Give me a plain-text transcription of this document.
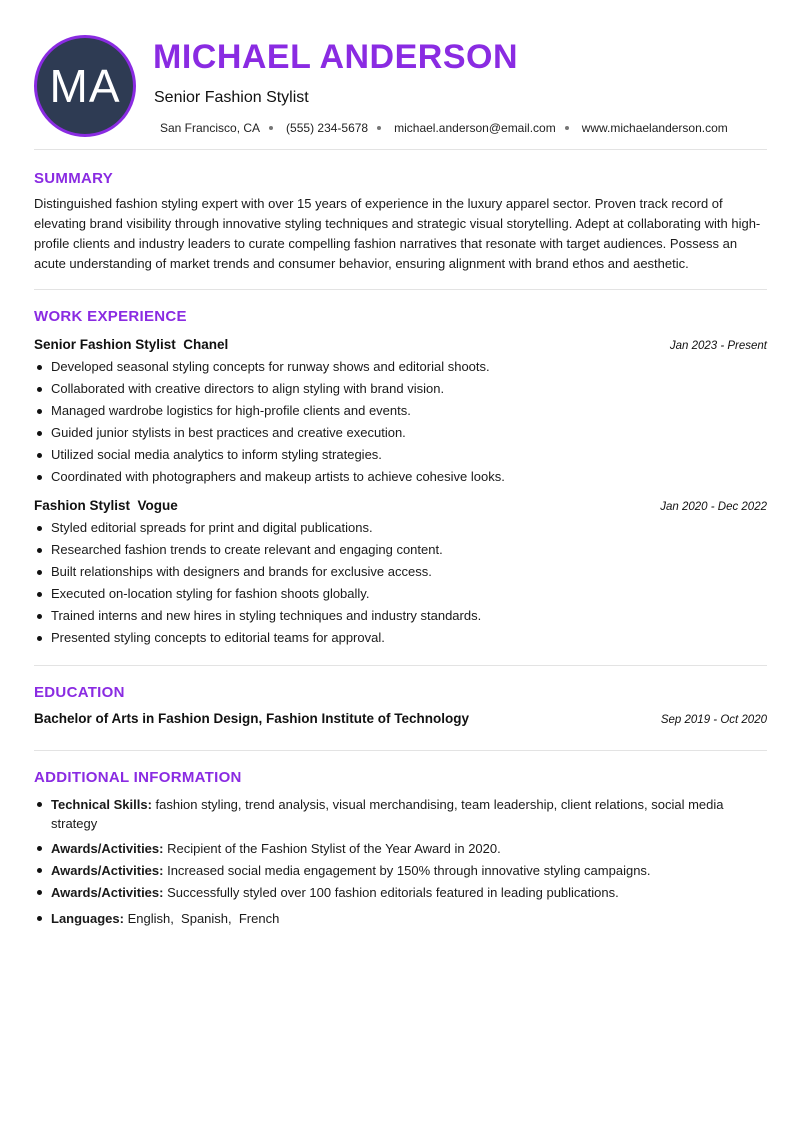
MA
MICHAEL ANDERSON
Senior Fashion Stylist
San Francisco, CA (555) 234-5678 michael.anderson@email.com www.michaelanderson.com
SUMMARY
Distinguished fashion styling expert with over 15 years of experience in the luxury apparel sector. Proven track record of elevating brand visibility through innovative styling techniques and strategic visual storytelling. Adept at collaborating with high-profile clients and industry leaders to curate compelling fashion narratives that resonate with target audiences. Possess an acute understanding of market trends and consumer behavior, ensuring alignment with brand ethos and aesthetic.
WORK EXPERIENCE
Senior Fashion Stylist  Chanel	Jan 2023 - Present
Developed seasonal styling concepts for runway shows and editorial shoots.
Collaborated with creative directors to align styling with brand vision.
Managed wardrobe logistics for high-profile clients and events.
Guided junior stylists in best practices and creative execution.
Utilized social media analytics to inform styling strategies.
Coordinated with photographers and makeup artists to achieve cohesive looks.
Fashion Stylist  Vogue	Jan 2020 - Dec 2022
Styled editorial spreads for print and digital publications.
Researched fashion trends to create relevant and engaging content.
Built relationships with designers and brands for exclusive access.
Executed on-location styling for fashion shoots globally.
Trained interns and new hires in styling techniques and industry standards.
Presented styling concepts to editorial teams for approval.
EDUCATION
Bachelor of Arts in Fashion Design, Fashion Institute of Technology	Sep 2019 - Oct 2020
ADDITIONAL INFORMATION
Technical Skills: fashion styling, trend analysis, visual merchandising, team leadership, client relations, social media strategy
Awards/Activities: Recipient of the Fashion Stylist of the Year Award in 2020.
Awards/Activities: Increased social media engagement by 150% through innovative styling campaigns.
Awards/Activities: Successfully styled over 100 fashion editorials featured in leading publications.
Languages: English,  Spanish,  French
